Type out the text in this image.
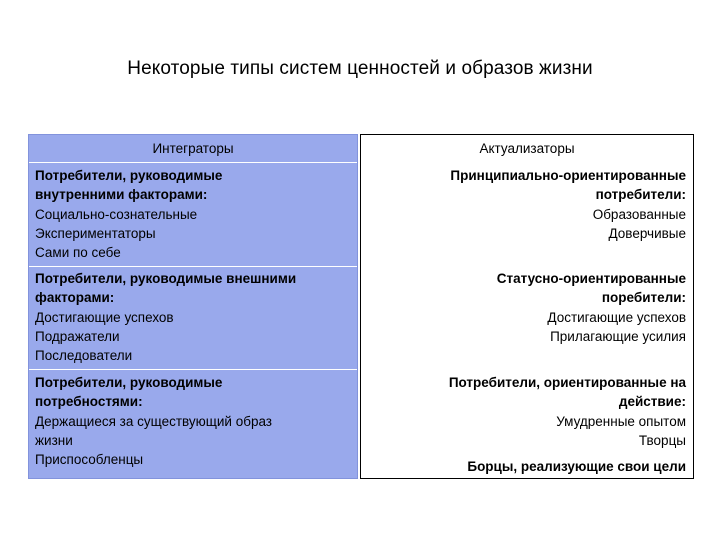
Некоторые типы систем ценностей и образов жизни
Интеграторы
Потребители, руководимые
внутренними факторами:
Социально-сознательные
Экспериментаторы
Сами по себе
Потребители, руководимые внешними
факторами:
Достигающие успехов
Подражатели
Последователи
Потребители, руководимые
потребностями:
Держащиеся за существующий образ
жизни
Приспособленцы
Актуализаторы
Принципиально-ориентированные
потребители:
Образованные
Доверчивые
Статусно-ориентированные
поребители:
Достигающие успехов
Прилагающие усилия
Потребители, ориентированные на
действие:
Умудренные опытом
Творцы
Борцы, реализующие свои цели
